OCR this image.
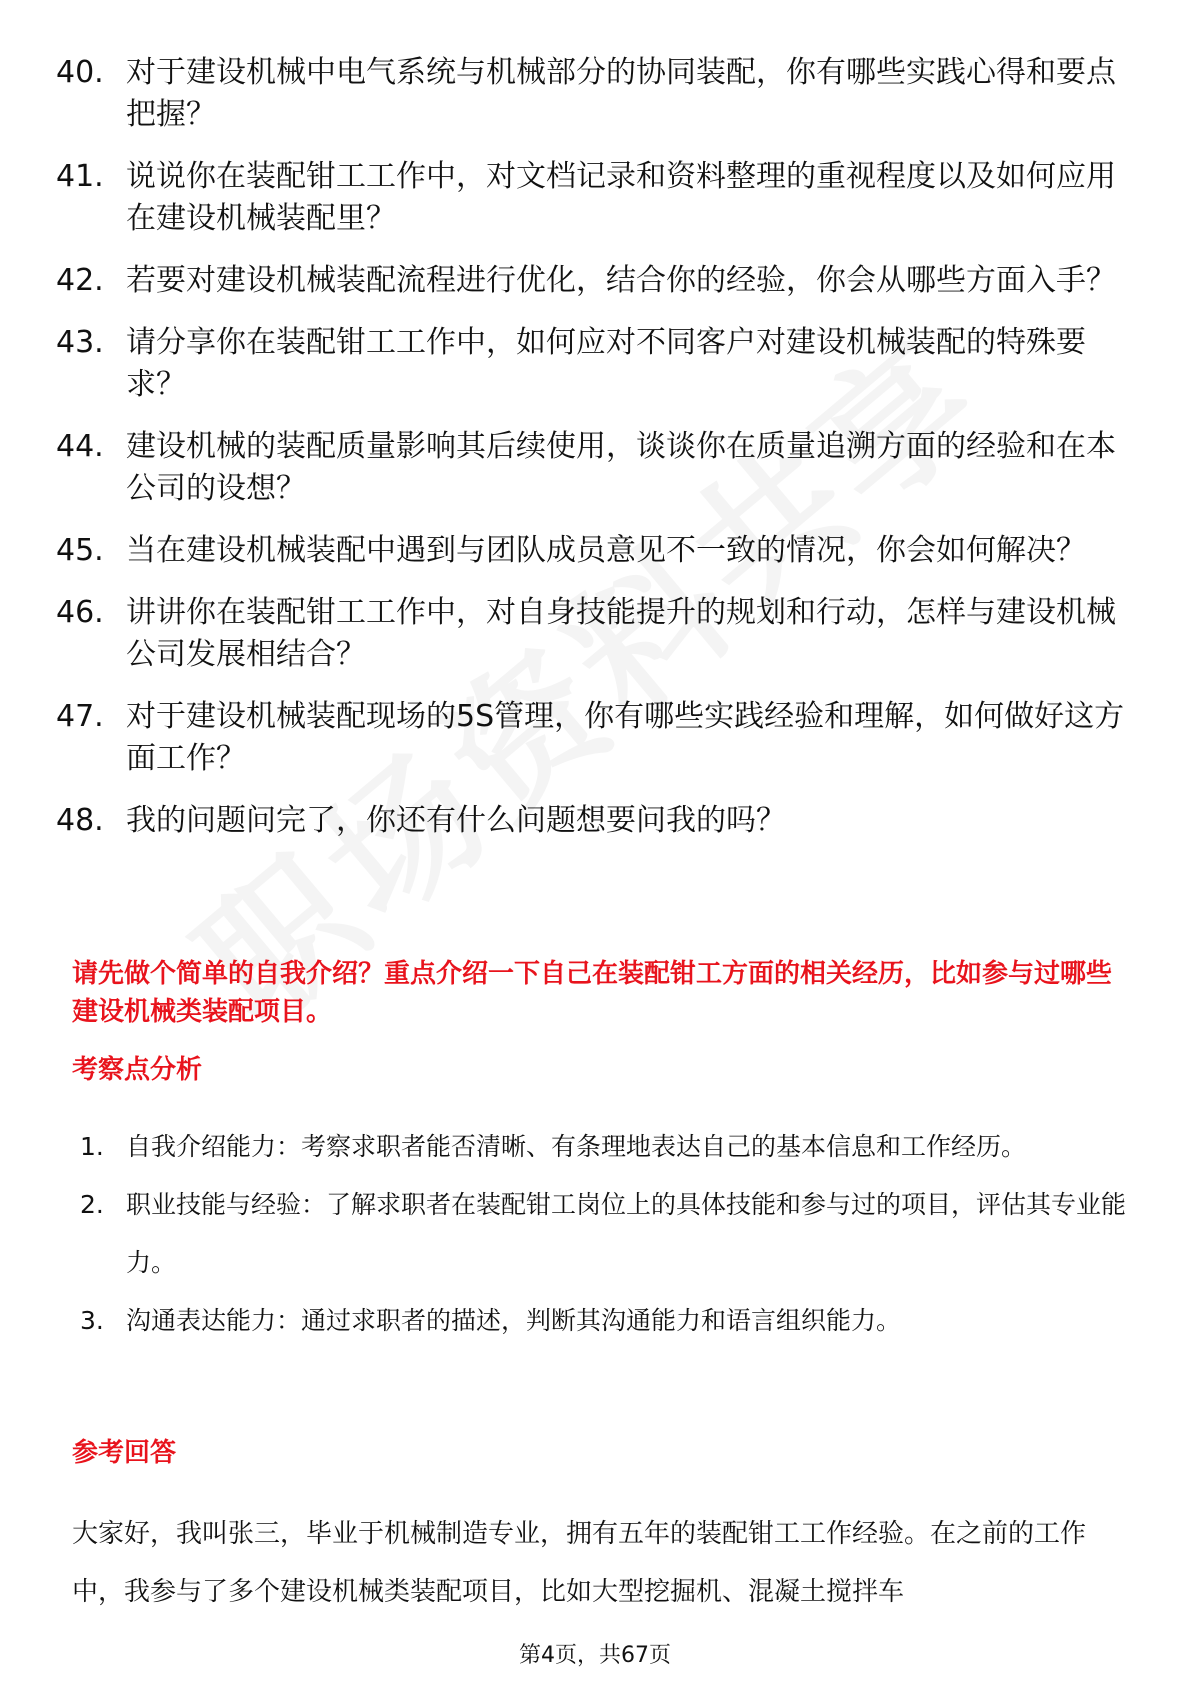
40. 对于建设机械中电气系统与机械部分的协同装配，你有哪些实践心得和要点把握？
41. 说说你在装配钳工工作中，对文档记录和资料整理的重视程度以及如何应用在建设机械装配里？
42. 若要对建设机械装配流程进行优化，结合你的经验，你会从哪些方面入手？
43. 请分享你在装配钳工工作中，如何应对不同客户对建设机械装配的特殊要求？
44. 建设机械的装配质量影响其后续使用，谈谈你在质量追溯方面的经验和在本公司的设想？
45. 当在建设机械装配中遇到与团队成员意见不一致的情况，你会如何解决？
46. 讲讲你在装配钳工工作中，对自身技能提升的规划和行动，怎样与建设机械公司发展相结合？
47. 对于建设机械装配现场的5S管理，你有哪些实践经验和理解，如何做好这方面工作？
48. 我的问题问完了，你还有什么问题想要问我的吗？
请先做个简单的自我介绍？重点介绍一下自己在装配钳工方面的相关经历，比如参与过哪些建设机械类装配项目。
考察点分析
1. 自我介绍能力：考察求职者能否清晰、有条理地表达自己的基本信息和工作经历。
2. 职业技能与经验：了解求职者在装配钳工岗位上的具体技能和参与过的项目，评估其专业能力。
3. 沟通表达能力：通过求职者的描述，判断其沟通能力和语言组织能力。
参考回答

大家好，我叫张三，毕业于机械制造专业，拥有五年的装配钳工工作经验。在之前的工作中，我参与了多个建设机械类装配项目，比如大型挖掘机、混凝土搅拌车

第4页，共67页
